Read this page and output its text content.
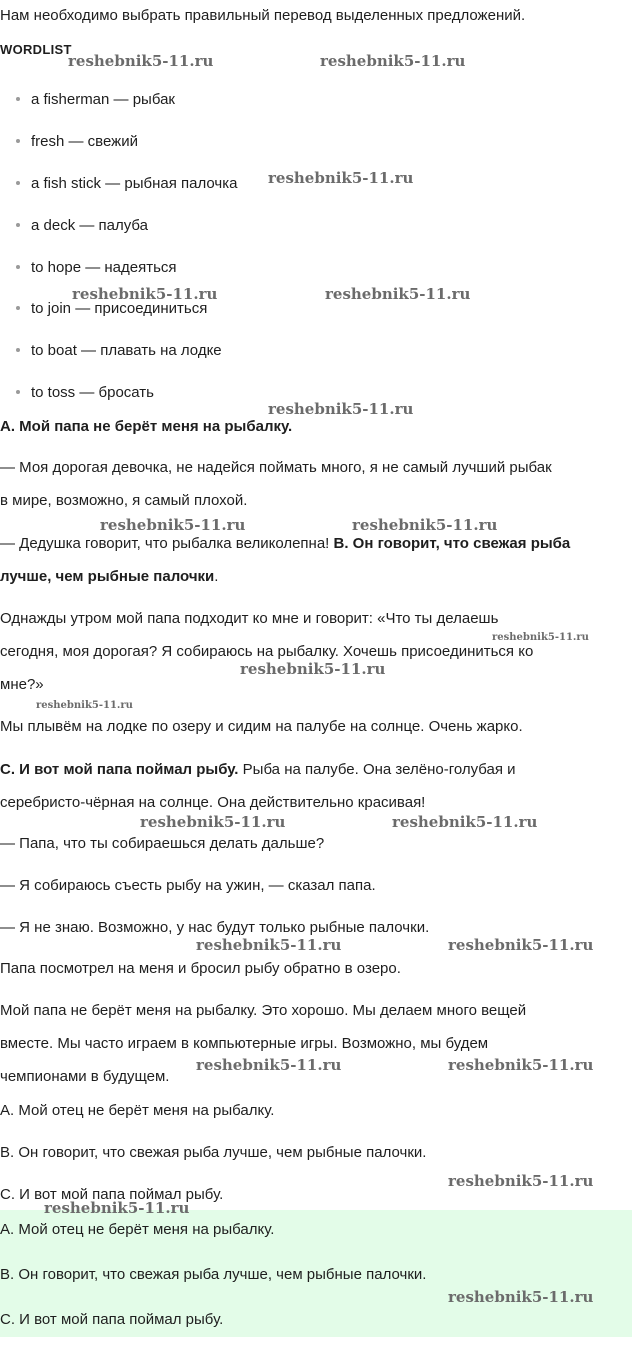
Нам необходимо выбрать правильный перевод выделенных предложений.
WORDLIST
a fisherman — рыбак
fresh — свежий
a fish stick — рыбная палочка
a deck — палуба
to hope — надеяться
to join — присоединиться
to boat — плавать на лодке
to toss — бросать
A. Мой папа не берёт меня на рыбалку.
— Моя дорогая девочка, не надейся поймать много, я не самый лучший рыбак
в мире, возможно, я самый плохой.
— Дедушка говорит, что рыбалка великолепна! B. Он говорит, что свежая рыба
лучше, чем рыбные палочки.
Однажды утром мой папа подходит ко мне и говорит: «Что ты делаешь
сегодня, моя дорогая? Я собираюсь на рыбалку. Хочешь присоединиться ко
мне?»
Мы плывём на лодке по озеру и сидим на палубе на солнце. Очень жарко.
C. И вот мой папа поймал рыбу. Рыба на палубе. Она зелёно-голубая и
серебристо-чёрная на солнце. Она действительно красивая!
— Папа, что ты собираешься делать дальше?
— Я собираюсь съесть рыбу на ужин, — сказал папа.
— Я не знаю. Возможно, у нас будут только рыбные палочки.
Папа посмотрел на меня и бросил рыбу обратно в озеро.
Мой папа не берёт меня на рыбалку. Это хорошо. Мы делаем много вещей
вместе. Мы часто играем в компьютерные игры. Возможно, мы будем
чемпионами в будущем.
A. Мой отец не берёт меня на рыбалку.
B. Он говорит, что свежая рыба лучше, чем рыбные палочки.
C. И вот мой папа поймал рыбу.
A. Мой отец не берёт меня на рыбалку.
B. Он говорит, что свежая рыба лучше, чем рыбные палочки.
C. И вот мой папа поймал рыбу.
reshebnik5-11.ru	reshebnik5-11.ru
reshebnik5-11.ru
reshebnik5-11.ru	reshebnik5-11.ru
reshebnik5-11.ru
reshebnik5-11.ru	reshebnik5-11.ru
reshebnik5-11.ru
reshebnik5-11.ru
reshebnik5-11.ru
reshebnik5-11.ru	reshebnik5-11.ru
reshebnik5-11.ru	reshebnik5-11.ru
reshebnik5-11.ru	reshebnik5-11.ru
reshebnik5-11.ru
reshebnik5-11.ru
reshebnik5-11.ru
